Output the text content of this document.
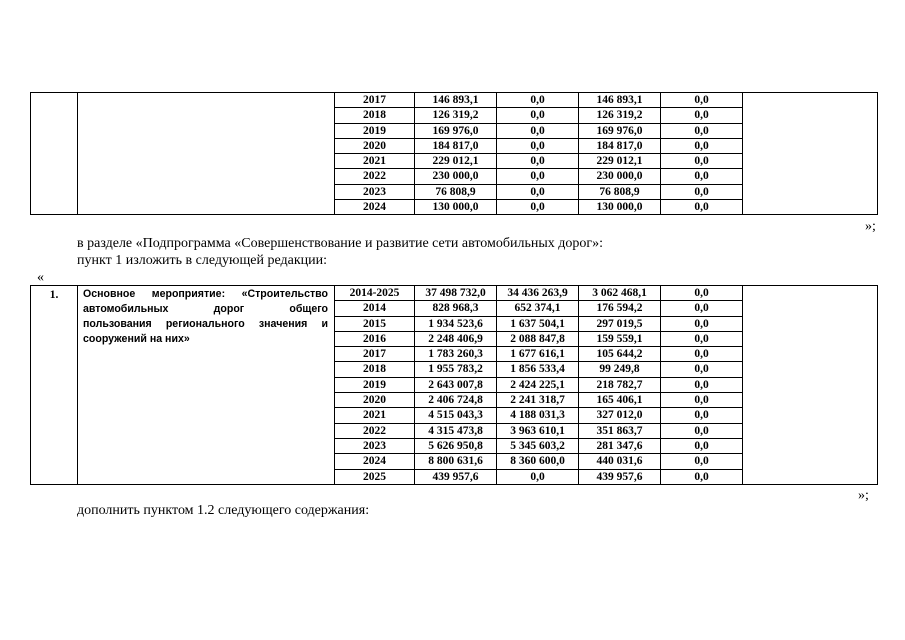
		2017	146 893,1	0,0	146 893,1	0,0	
		2018	126 319,2	0,0	126 319,2	0,0	
		2019	169 976,0	0,0	169 976,0	0,0	
		2020	184 817,0	0,0	184 817,0	0,0	
		2021	229 012,1	0,0	229 012,1	0,0	
		2022	230 000,0	0,0	230 000,0	0,0	
		2023	76 808,9	0,0	76 808,9	0,0	
		2024	130 000,0	0,0	130 000,0	0,0	
»;
в разделе «Подпрограмма «Совершенствование и развитие сети автомобильных дорог»:
пункт 1 изложить в следующей редакции:
«
1.	Основное мероприятие: «Строительство
автомобильных дорог общего
пользования регионального значения и
сооружений на них»	2014-2025	37 498 732,0	34 436 263,9	3 062 468,1	0,0	
		2014	828 968,3	652 374,1	176 594,2	0,0	
		2015	1 934 523,6	1 637 504,1	297 019,5	0,0	
		2016	2 248 406,9	2 088 847,8	159 559,1	0,0	
		2017	1 783 260,3	1 677 616,1	105 644,2	0,0	
		2018	1 955 783,2	1 856 533,4	99 249,8	0,0	
		2019	2 643 007,8	2 424 225,1	218 782,7	0,0	
		2020	2 406 724,8	2 241 318,7	165 406,1	0,0	
		2021	4 515 043,3	4 188 031,3	327 012,0	0,0	
		2022	4 315 473,8	3 963 610,1	351 863,7	0,0	
		2023	5 626 950,8	5 345 603,2	281 347,6	0,0	
		2024	8 800 631,6	8 360 600,0	440 031,6	0,0	
		2025	439 957,6	0,0	439 957,6	0,0	
»;
дополнить пунктом 1.2 следующего содержания:
